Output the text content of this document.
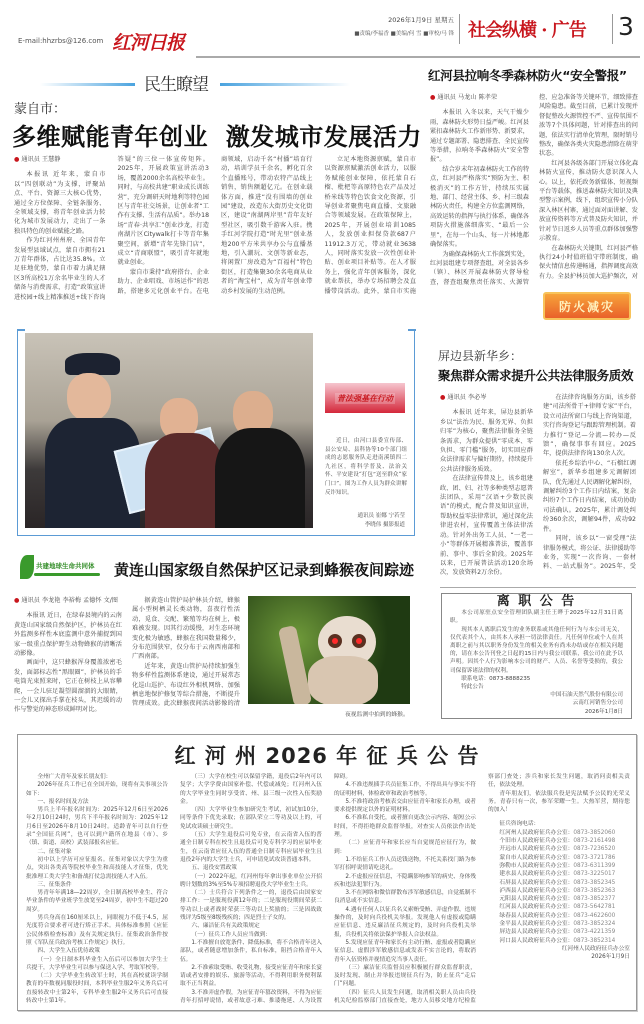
E-mail:hhzrbs@126.com 红河日报
2026年1月9日 星期五
■责编/李福香 ■美编/何 雪 ■审校/马 锋 社会纵横 · 广告 3
民生瞭望
蒙自市：
多维赋能青年创业  激发城市发展活力
● 通讯员 王慧静

本报讯 近年来，蒙自市以“四创联动”为支撑，评聚站点、平台、资源三大核心优势，通过全方位保障、全链条服务、全领域支撑，将青年创业活力转化为城市发展动力，走出了一条独具特色的创业赋能之路。

作为红河州州府、全国青年发展型县域试点，蒙自市拥有21万青年群体，占比达35.8%。立足驻地优势，蒙自市着力满足辖区3所高校1万余名毕业生的人才储备与消费需求，打造“政策宣讲进校园+线上精准推送+线下咨询答疑”的三位一体宣传矩阵。2025年，开展政策宣讲活动3场，覆盖2000余名高校毕业生。同时，与高校共建“职业成长训练营”，充分调研天时地利等特色园区与青年社交场景，让创业者“工作有支撑、生活有品质”。举办18场“青春·共享汇”创业沙龙，打造南湖片区Citywalk打卡等青年集聚空间，新增“青年先锋门店”，成立“青商联盟”，吸引青年就地就业创业。

蒙自市秉持“政府搭台、企业助力、企业唱戏、市场运作”的思路，搭建多元化创业平台。在电商领域，启动千名“村播”培育行动，培训学员千余名，孵化百余个直播账号，带动农特产品线上销售，销售额超亿元。在创业载体方面，推进“没有围墙的创业园”建设，改造东大街历史文化街区，建设“南湖两岸里”青年友好型社区，吸引数千游客入驻。携手红河学院打造“时光里”创业基地200平方米共享办公与直播基地，引入潮玩、文创等新业态，将闲置厂房改造为“百福村”特色街区，打造集聚30余名电商从业者的“淘宝村”，成为青年创业带动乡村发展的生动范例。

立足本地资源禀赋，蒙自市以资源禀赋激活创业活力，以服务赋能创业保障，依托蒙自石榴、枇杷等高原特色农产品及过桥米线等特色饮食文化资源，引导创业者聚焦电商直播、文旅融合等领域发展。在政策保障上，2025年，开展创业培训1085人，发放创业担保贷款687户11912.3万元，带动就业3638人，同时落实发放一次性创业补贴、创业项目补贴等。在人才服务上，强化青年创客服务，深化就业帮扶，举办专场招聘会及直播带岗活动。此外，蒙自市实施

普法强基在行动
近日，由河口县委宣传部、县公安局、县科协等10个部门组成的志愿服务队走进南溪镇四二九社区，将科学普及、法治关怀、平安建设“打包”送至群众“家门口”。图为工作人员为群众讲解反诈知识。
通讯员 崔娜 宁若莹
李晓伟 摄影报道
共建地球生命共同体 黄连山国家级自然保护区记录到蜂猴夜间踪迹
● 通讯员 李龙艳 李裕梅 孟德怀 文/图

本报讯 近日，在绿春县境内的云南黄连山国家级自然保护区，护林员在红外监测多样性本底监测中意外捕捉到国家一级重点保护野生动物蜂猴的清晰活动影像。

画面中，这只蜂猴浑身覆盖浓密毛发，面部标志性“黑眼圈”，护林员的手电筒光束照来时，它正在树枝上从容攀爬，一会儿驻足凝望圆溜溜的大眼睛，一会儿又探出手掌在枝头，其迟缓的动作与警觉的神态形成鲜明对比。

据黄连山管护局护林员介绍，蜂猴属小型树栖灵长类动物，喜夜行性活动，觅食、交配、繁殖等均在树上，极难被发现。因其行动缓慢，对生态环境变化极为敏感，蜂猴在我国数量稀少，分布范围狭窄，仅分布于云南西南部和广西南部。

近年来，黄连山管护局持续加强生物多样性监测体系建设，通过开展常态化巡山巡护、布设红外相机网络、加强栖息地保护修复等综合措施，不断提升管理成效。此次蜂猴夜间活动影像的清

夜视监测中拍到的蜂猴。
红河县拉响冬季森林防火“安全警报”
● 通讯员 马龙山 陈孝荣

本报讯 入冬以来，天气干燥少雨，森林防火形势日益严峻。红河县紧扣森林防火工作新形势、新要求，通过专题部署、隐患排查、全民宣传等举措，拉响冬季森林防火“安全警报”。

结合岁末年初森林防火工作的特点，红河县严格落实“预防为主、积极消灭”的工作方针，持续压实属地、部门、经营主体、乡、村三级森林防火责任，构建全方位监测网络，高效运转的指挥与执行体系，确保各项防火措施落细落实、“最后一公里”，在每一个山头、每一片林地都确保落实。

为确保森林防火工作落到实处，红河县组建专项督查组，对全县各乡（镇）、林区开展森林防火督导检查，督查组聚焦责任落实、火源管控、应急准备等关键环节，细致排查风险隐患。截至目前，已累计发现并督促整改火源管控不严、宣传氛围不浓等7个具体问题，针对排查出的问题，依法实行清单化管理，限时销号整改，确保各类火灾隐患清除在萌芽状态。

红河县各级各部门开展立体化森林防火宣传，推动防火意识深入人心。以上，依托政务新媒体、短视频平台等载体，推送森林防火知识及典型警示案例，线下，组织宣传小分队深入林区村寨，通过面对面讲解、发放宣传资料等方式普及防火知识，并针对节日返乡人员等重点群体加强警示教育。

在森林防火关键期，红河县严格执行24小时值班值守带班制度，确保火情信息传递畅通，指挥调度高效有力。全县护林员加大巡护频次，对

防火减灾
屏边县新华乡：
聚焦群众需求提升公共法律服务质效
● 通讯员 李必岑

本报讯 近年来，屏边县新华乡以“法治为民、服务无界、负担归零”为核心，聚焦法律服务全链条需求，为群众提供“零成本、零负担、零门槛”服务，切实回应群众法律需求与偏好期待，持续提升公共法律服务质效。

在法律宣传普及上，该乡组建政、团、妇、社等多种类型志愿普法团队，采用“汉语+少数民族语”的模式，配合普及知识宣讲，帮助权益零法律常识，通过深化法律进农村，宣传覆盖主体法律活动。针对外出务工人员、“一老一小”等群体开展精准普法，覆盖事前、事中、事后全阶段。2025年以来，已开展普法活动120余场次，发放资料2万余份。

在法律咨询服务方面，该乡搭建“司法所骨干+律师专家”平台，设立司法所窗口与线上咨询渠道，实行咨询登记与跟踪管理机制。着力推行“登记—分流—转办—反馈”，确保事事有回应。2025年，提供法律咨询130余人次。

依托乡综治中心、“石榴红调解室”，新华乡组建多元调解团队，优先通过人民调解化解纠纷，调解纠纷3个工作日内结案，复杂纠纷7个工作日内结案，成功协助司法确认。2025年，累计调处纠纷360余次，调解94件，成功92件。

同时，该乡以“一窗受理”法律服务模式，将公证、法律援助等业务，实现“一次咨询、一套材料、一站式服务”。2025年，受

离 职 公 告

本公司原驻点安全管理团队副主任王晔于2025年12月31日离职。

现其本人离职后发生的业务联系或其他任何行为与本公司无关，仅代表其个人，由其本人承担一切法律责任。凡任何单位或个人在其离职之前与其以职务身份发生的相关业务有尚未办结或存在相关问题的，请在本公告刊登之日起的15日内与我公司联系，我公司在此予以声明。因其个人行为影响本公司的财产、人员、名誉等受损的，我公司保留诉诸法律的权利。

联系电话：0873-8888235
特此公告
中国石油天然气股份有限公司
云南红河销售分公司
2026年1月8日
红 河 州 2026 年 征 兵 公 告

全州广大青年及家长朋友们：

2026年征兵工作已在全国开始，现将有关事项公告如下：

一、报名时间及方法

男兵上半年报名时间为：2025年12月6日至2026年2月10日24时，男兵下半年报名时间为：2025年12月6日至2026年8月10日24时。适龄青年可以自行登录“全国征兵网”，也可以到户籍所在地县（市）、乡（镇、街道、高校）武装部报名应征。

二、征集对象

初中以上学历可应征报名。征集对象以大学生为重点，突出各类高等院校毕业生和高技能人才征集，优先批准理工类大学生和备战打仗急需技能人才入伍。

三、征集条件

男青年年满18—22周岁，全日制高校毕业生、符合毕业条件的毕业班学生放宽至24周岁，初中生不超过20周岁。

男兵身高在160厘米以上，同眼视力不低于4.5，屈光度符合要求者可进行矫正手术。具体标准参照《应征公民体格检查标准》及有关规定执行。征集政治条件按照《军队征兵政治考核工作规定》执行。

四、大学生入伍优待政策

（一）全日制本科毕业生入伍后可以参加大学生士兵提干，大学毕业生可以参与保送入学、考取军校等。

（二）大学毕业生转改军士时，其在高校就读学制教育的年数视同服役时间，本科毕业生服2年义务兵后可直接转改中士第2年，专科毕业生服2年义务兵后可直接转改中士第1年。

（三）大学在校生可以保留学籍，退役后2年内可以复学；大学学费由国家补偿、代偿或减免；红河州入伍的大学毕业生同时享受省、州、县三级一次性入伍奖励金。

（四）大学毕业生参加研究生考试，初试加10分，同等条件下优先录取；在部队荣立二等功及以上的，可免试攻读硕士研究生。

（五）大学生退役后可免专业，在云南省入伍的普通全日制专科在校生且退役后可免专科学习的应届毕业生，在云南省应征入伍的普通全日制专科应届毕业生且退役2年内的大学生士兵，可申请免试攻读普通本科。

五、退役安置政策

（一）2022年起，红河州每年拿出事业单位公开招聘计划数的3%至5%专项招聘退役大学毕业生士兵。

（二）士兵符合下列条件之一的，退役后由国家安排工作：一是服现役满12年的；二是服现役期间荣获二等功以上或者战时荣获三等功以上奖励的；三是因战致残评为5级至8级残疾的；四是烈士子女的。

六、廉洁征兵有关政策规定

（一）征兵工作人员应当做到：

1.不准擅自放宽条件、降低标准，将不合格青年送入部队，或者随意增加条件，私自标准，阻挡合格青年入伍。

2.不准索取受贿、收受礼物，接受应征青年和家长宴请或者安排的娱乐、旅游等活动，不得利用职务便利谋取不正当利益。

3.不准弄虚作假，为应征青年篡改资料，不得为应征青年打招呼说情，或者故意刁难、推诿拖延、人为设置障碍。

4.不准违规插手兵员征集工作，不得出具与事实不符的证明材料，体检政审和政治考核等。

5.不准将政治考核表交由应征青年和家长办理，或者要求提供规定以外的证明材料。

6.不准私自受托，或者擅自更改公示内容、缩短公示时间，不得拒绝群众监督举报，对查实人员依法作出处理。

（二）应征青年和家长应当自觉规范应征行为，做到：

1.不给征兵工作人员送钱送物，不托关系找门路为参军打招呼说情请吃送礼。

2.不虚报应征信息，不隐瞒影响参军的病史、身体残疾和违法犯罪行为。

3.不在网络和微信群散布涉军敏感信息，自觉抵制不良消息或不实信息。

4.遇有任何人以征兵名义索贿受贿、弄虚作假、违规操作的，及时向兵役机关举报。发现他人有虚报或隐瞒应征信息、违反廉洁征兵规定的，及时向兵役机关举报，兵役机关将依法保护举报人合法权益。

5.发现应征青年和家长有主动行贿、虚报或者隐瞒应征信息、虚假涉军敏感信息或发表不实言论的，将取消青年入伍资格并视情追究当事人责任。

（三）廉洁征兵监督员应积极履行群众监督职责，及时发现、制止并举报违规征兵行为，防止征兵“走后门”问题。

（四）征兵人员发生问题，取消相关职人员由兵役机关纪检监察部门直接查处，地方人员移交地方纪检监察部门查处；涉兵和家长发生问题，取消问责相关责任，依法处理。

青年朋友们，依法服兵役是宪法赋予公民的光荣义务。青春只有一次，参军荣耀一生。大热军营，期待您的加入！

征兵咨询电话：
红河州人民政府征兵办公室：0873-3852060
个旧市人民政府征兵办公室：0873-2161498
开远市人民政府征兵办公室：0873-7236520
蒙自市人民政府征兵办公室：0873-3721786
弥勒市人民政府征兵办公室：0873-6311399
建水县人民政府征兵办公室：0873-3225017
石屏县人民政府征兵办公室：0873-3852345
泸西县人民政府征兵办公室：0873-3852363
元阳县人民政府征兵办公室：0873-3852377
红河县人民政府征兵办公室：0873-5642781
绿春县人民政府征兵办公室：0873-4622600
金平县人民政府征兵办公室：0873-3852324
屏边县人民政府征兵办公室：0873-4221359
河口县人民政府征兵办公室：0873-3852314
红河州人民政府征兵办公室
2026年1月9日
